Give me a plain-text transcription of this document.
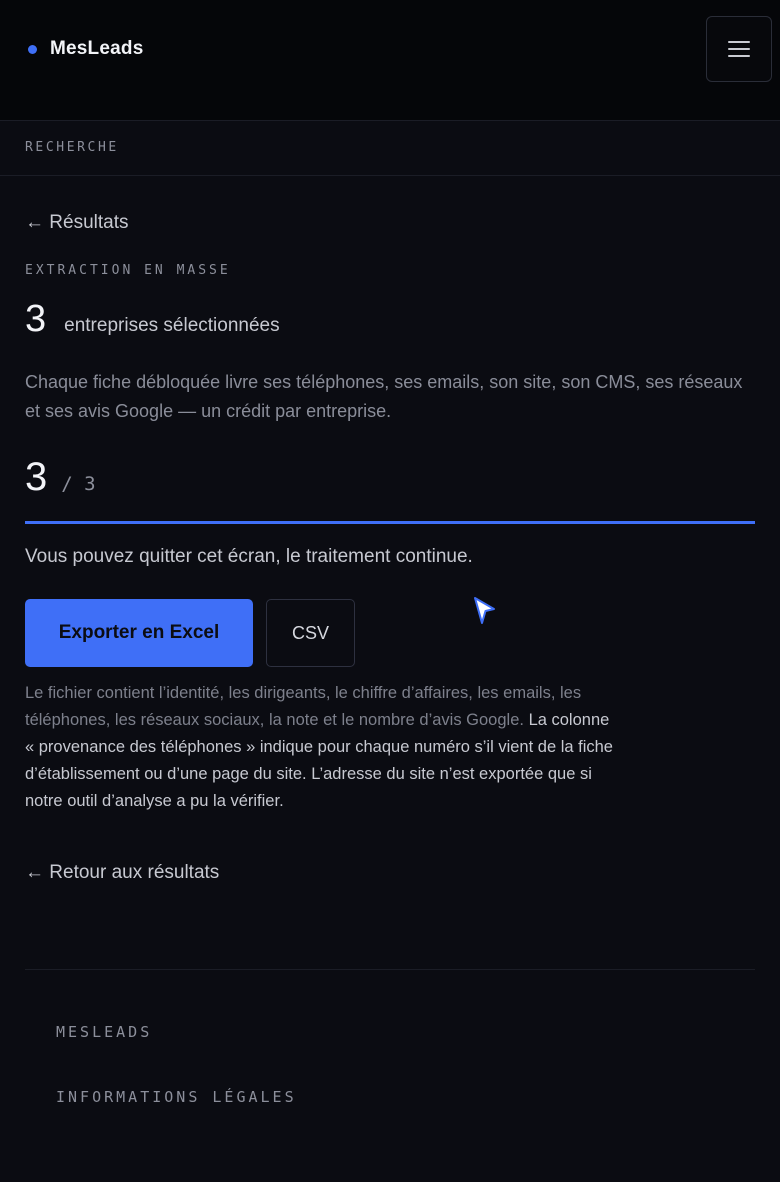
MesLeads
RECHERCHE
← Résultats
EXTRACTION EN MASSE
3 entreprises sélectionnées

Chaque fiche débloquée livre ses téléphones, ses emails, son site, son CMS, ses réseaux et ses avis Google — un crédit par entreprise.

3 / 3
Vous pouvez quitter cet écran, le traitement continue.
Exporter en Excel	CSV

Le fichier contient l’identité, les dirigeants, le chiffre d’affaires, les emails, les téléphones, les réseaux sociaux, la note et le nombre d’avis Google. La colonne « provenance des téléphones » indique pour chaque numéro s’il vient de la fiche d’établissement ou d’une page du site. L’adresse du site n’est exportée que si notre outil d’analyse a pu la vérifier.

← Retour aux résultats
MESLEADS
INFORMATIONS LÉGALES
